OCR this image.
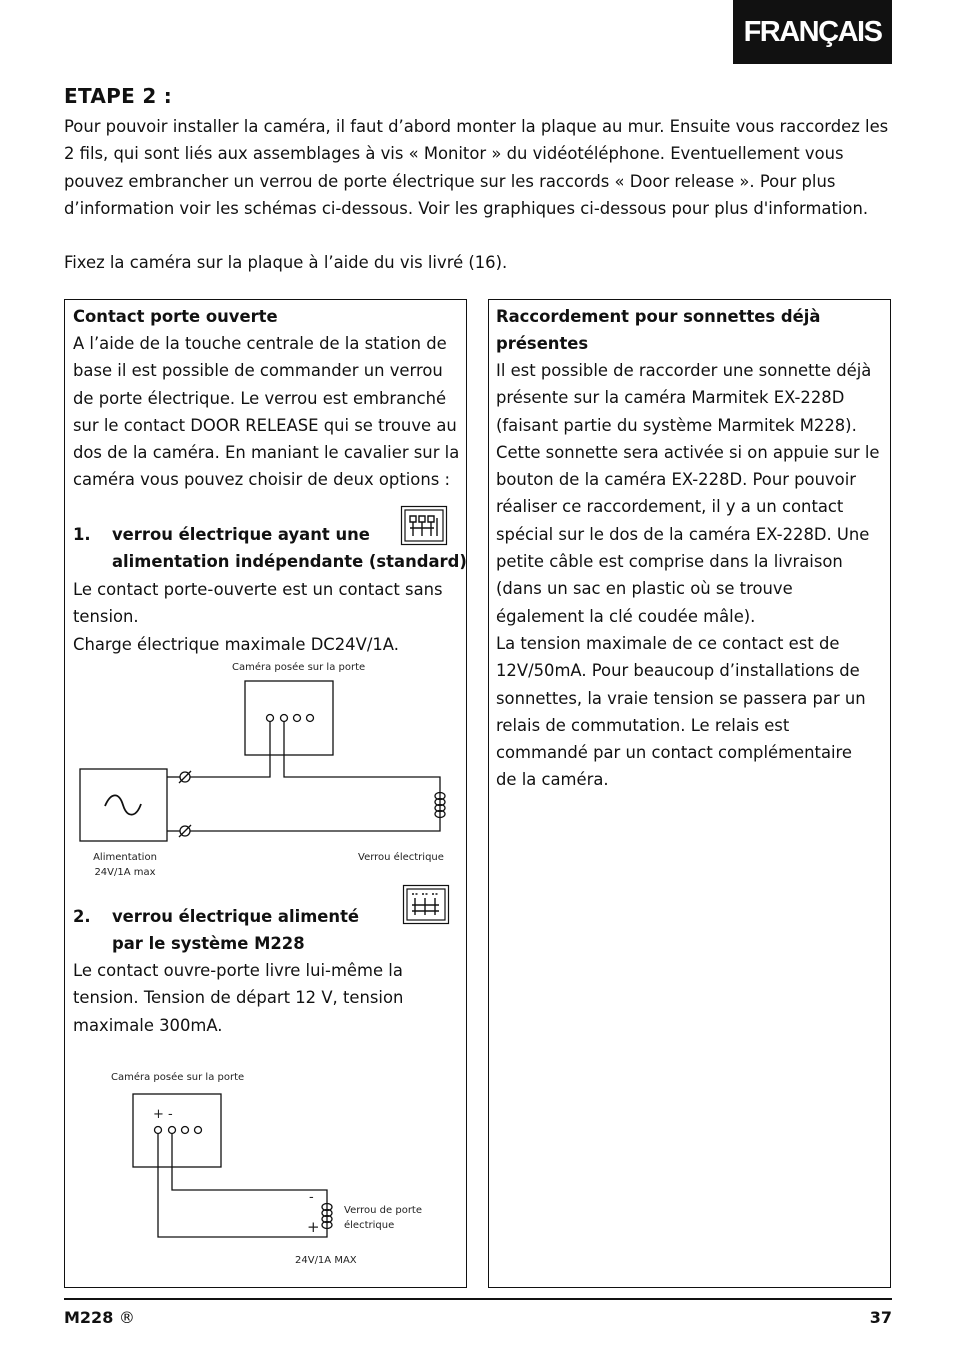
FRANÇAIS
ETAPE 2 :
Pour pouvoir installer la caméra, il faut d’abord monter la plaque au mur. Ensuite vous raccordez les
2 fils, qui sont liés aux assemblages à vis « Monitor » du vidéotéléphone. Eventuellement vous
pouvez embrancher un verrou de porte électrique sur les raccords « Door release ». Pour plus
d’information voir les schémas ci-dessous. Voir les graphiques ci-dessous pour plus d'information.
Fixez la caméra sur la plaque à l’aide du vis livré (16).
Contact porte ouverte
A l’aide de la touche centrale de la station de
base il est possible de commander un verrou
de porte électrique. Le verrou est embranché
sur le contact DOOR RELEASE qui se trouve au
dos de la caméra. En maniant le cavalier sur la
caméra vous pouvez choisir de deux options :
1. verrou électrique ayant une
alimentation indépendante (standard)
Le contact porte-ouverte est un contact sans
tension.
Charge électrique maximale DC24V/1A.
Caméra posée sur la porte
Alimentation
24V/1A max
Verrou électrique
2. verrou électrique alimenté
par le système M228
Le contact ouvre-porte livre lui-même la
tension. Tension de départ 12 V, tension
maximale 300mA.
Caméra posée sur la porte
+ -
-
+
Verrou de porte
électrique
24V/1A MAX
Raccordement pour sonnettes déjà
présentes
Il est possible de raccorder une sonnette déjà
présente sur la caméra Marmitek EX-228D
(faisant partie du système Marmitek M228).
Cette sonnette sera activée si on appuie sur le
bouton de la caméra EX-228D. Pour pouvoir
réaliser ce raccordement, il y a un contact
spécial sur le dos de la caméra EX-228D. Une
petite câble est comprise dans la livraison
(dans un sac en plastic où se trouve
également la clé coudée mâle).
La tension maximale de ce contact est de
12V/50mA. Pour beaucoup d’installations de
sonnettes, la vraie tension se passera par un
relais de commutation. Le relais est
commandé par un contact complémentaire
de la caméra.
M228 ®	37
